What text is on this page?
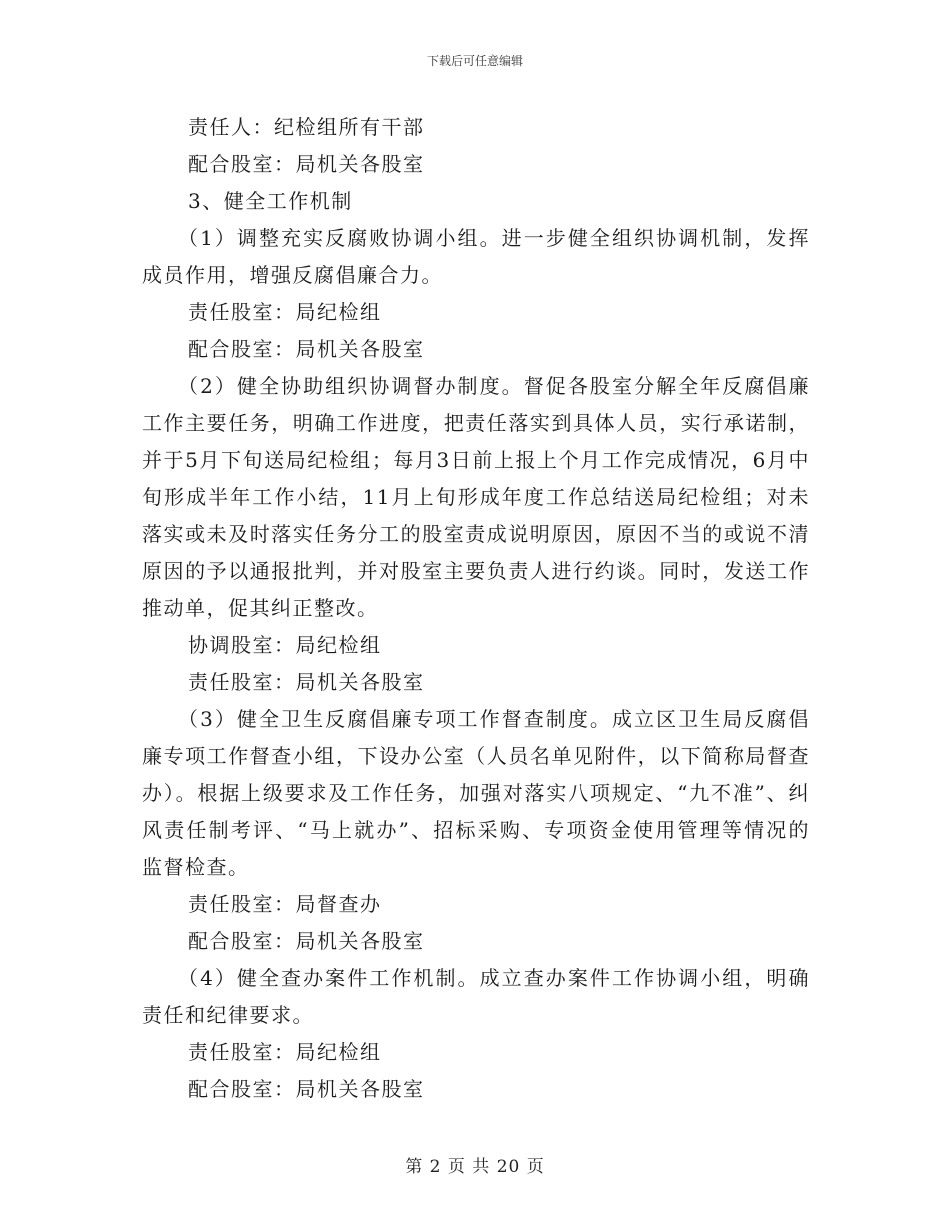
下载后可任意编辑

责任人：纪检组所有干部

配合股室：局机关各股室

3、健全工作机制

（1）调整充实反腐败协调小组。进一步健全组织协调机制，发挥成员作用，增强反腐倡廉合力。

责任股室：局纪检组

配合股室：局机关各股室

（2）健全协助组织协调督办制度。督促各股室分解全年反腐倡廉工作主要任务，明确工作进度，把责任落实到具体人员，实行承诺制，并于5月下旬送局纪检组；每月3日前上报上个月工作完成情况，6月中旬形成半年工作小结，11月上旬形成年度工作总结送局纪检组；对未落实或未及时落实任务分工的股室责成说明原因，原因不当的或说不清原因的予以通报批判，并对股室主要负责人进行约谈。同时，发送工作推动单，促其纠正整改。

协调股室：局纪检组

责任股室：局机关各股室

（3）健全卫生反腐倡廉专项工作督查制度。成立区卫生局反腐倡廉专项工作督查小组，下设办公室（人员名单见附件，以下简称局督查办）。根据上级要求及工作任务，加强对落实八项规定、“九不准”、纠风责任制考评、“马上就办”、招标采购、专项资金使用管理等情况的监督检查。

责任股室：局督查办

配合股室：局机关各股室

（4）健全查办案件工作机制。成立查办案件工作协调小组，明确责任和纪律要求。

责任股室：局纪检组

配合股室：局机关各股室

第 2 页 共 20 页
